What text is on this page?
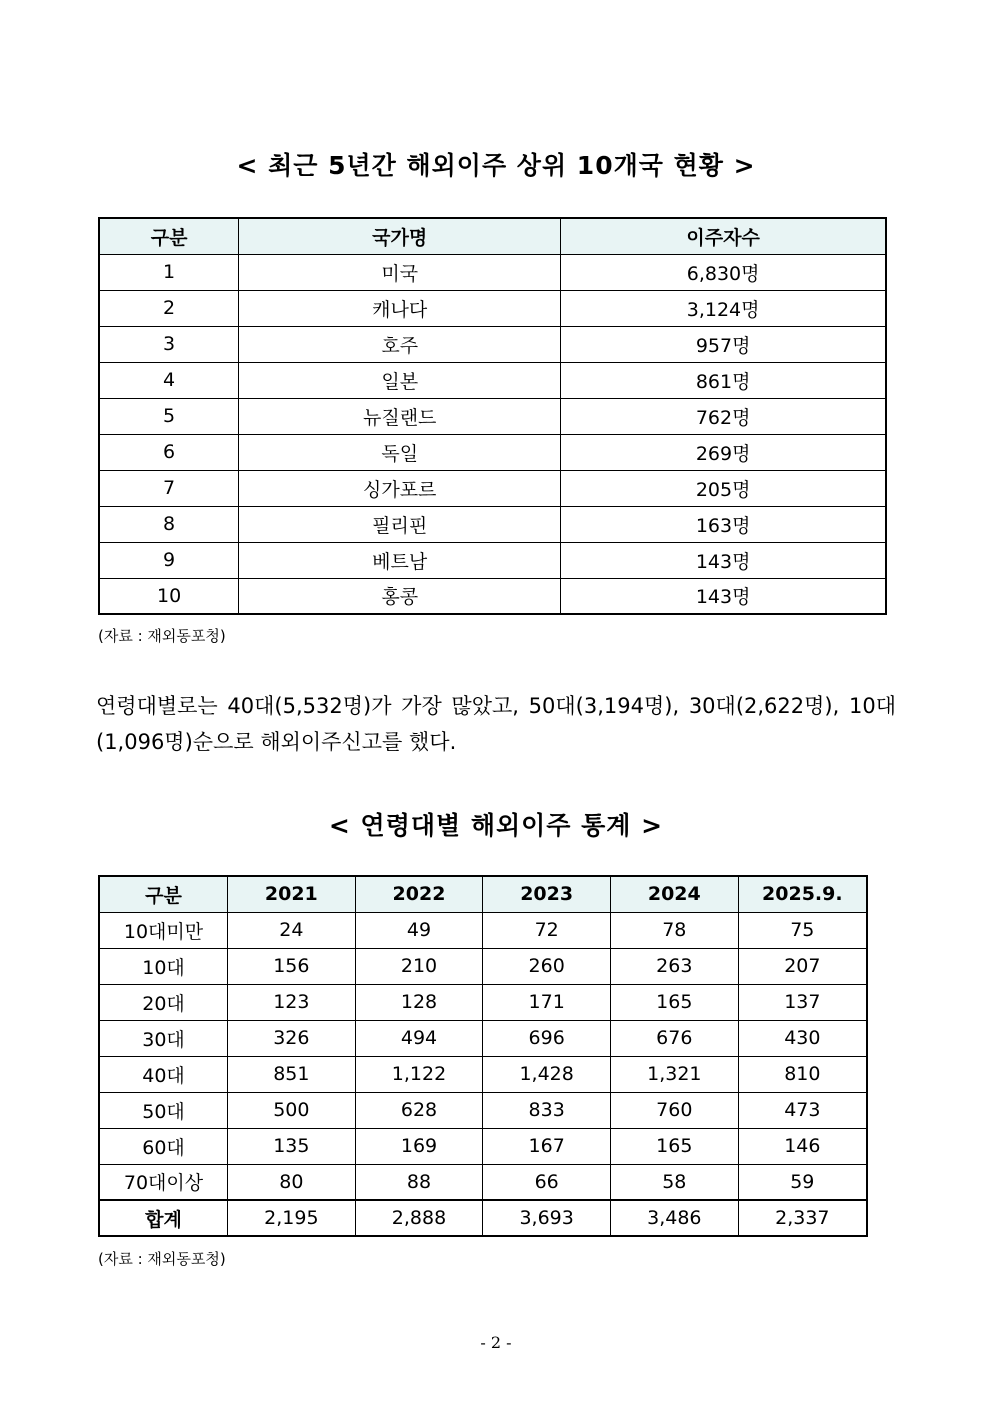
< 최근 5년간 해외이주 상위 10개국 현황 >
구분	국가명	이주자수
1	미국	6,830명
2	캐나다	3,124명
3	호주	957명
4	일본	861명
5	뉴질랜드	762명
6	독일	269명
7	싱가포르	205명
8	필리핀	163명
9	베트남	143명
10	홍콩	143명
(자료 : 재외동포청)
연령대별로는 40대(5,532명)가 가장 많았고, 50대(3,194명), 30대(2,622명), 10대(1,096명)순으로 해외이주신고를 했다.
< 연령대별 해외이주 통계 >
구분	2021	2022	2023	2024	2025.9.
10대미만	24	49	72	78	75
10대	156	210	260	263	207
20대	123	128	171	165	137
30대	326	494	696	676	430
40대	851	1,122	1,428	1,321	810
50대	500	628	833	760	473
60대	135	169	167	165	146
70대이상	80	88	66	58	59
합계	2,195	2,888	3,693	3,486	2,337
(자료 : 재외동포청)
- 2 -
